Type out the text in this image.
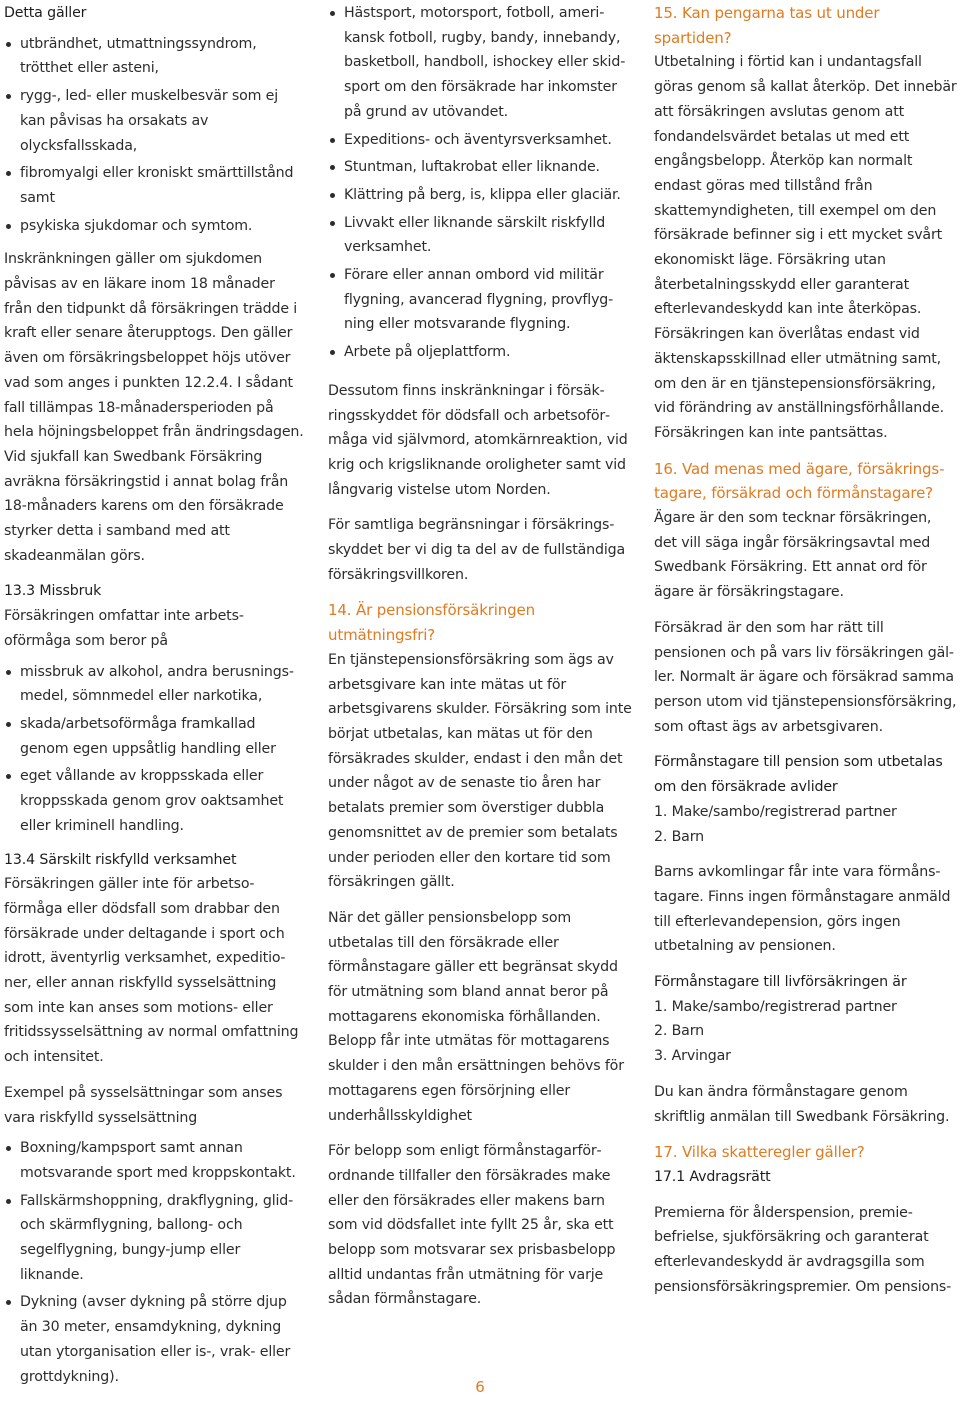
Detta gäller
utbrändhet, utmattningssyndrom, trötthet eller asteni,
rygg-, led- eller muskelbesvär som ej kan påvisas ha orsakats av olycksfallsskada,
fibromyalgi eller kroniskt smärttillstånd samt
psykiska sjukdomar och symtom.

Inskränkningen gäller om sjukdomen påvisas av en läkare inom 18 månader från den tidpunkt då försäkringen trädde i kraft eller senare återupptogs. Den gäller även om försäkringsbeloppet höjs utöver vad som anges i punkten 12.2.4. I sådant fall tillämpas 18-månadersperioden på hela höjningsbeloppet från ändringsdagen. Vid sjukfall kan Swedbank Försäkring avräkna försäkringstid i annat bolag från 18-månaders karens om den försäkrade styrker detta i samband med att skadeanmälan görs.

13.3 Missbruk

Försäkringen omfattar inte arbetsoförmåga som beror på

missbruk av alkohol, andra berusningsmedel, sömnmedel eller narkotika,
skada/arbetsoförmåga framkallad genom egen uppsåtlig handling eller
eget vållande av kroppsskada eller kroppsskada genom grov oaktsamhet eller kriminell handling.
13.4 Särskilt riskfylld verksamhet

Försäkringen gäller inte för arbetsoförmåga eller dödsfall som drabbar den försäkrade under deltagande i sport och idrott, äventyrlig verksamhet, expeditioner, eller annan riskfylld sysselsättning som inte kan anses som motions- eller fritidssysselsättning av normal omfattning och intensitet.

Exempel på sysselsättningar som anses vara riskfylld sysselsättning

Boxning/kampsport samt annan motsvarande sport med kroppskontakt.
Fallskärmshoppning, drakflygning, glid- och skärmflygning, ballong- och segelflygning, bungy-jump eller liknande.
Dykning (avser dykning på större djup än 30 meter, ensamdykning, dykning utan ytorganisation eller is-, vrak- eller grottdykning).
Hästsport, motorsport, fotboll, amerikansk fotboll, rugby, bandy, innebandy, basketboll, handboll, ishockey eller skidsport om den försäkrade har inkomster på grund av utövandet.
Expeditions- och äventyrsverksamhet.
Stuntman, luftakrobat eller liknande.
Klättring på berg, is, klippa eller glaciär.
Livvakt eller liknande särskilt riskfylld verksamhet.
Förare eller annan ombord vid militär flygning, avancerad flygning, provflygning eller motsvarande flygning.
Arbete på oljeplattform.

Dessutom finns inskränkningar i försäkringsskyddet för dödsfall och arbetsoförmåga vid självmord, atomkärnreaktion, vid krig och krigsliknande oroligheter samt vid långvarig vistelse utom Norden.

För samtliga begränsningar i försäkringsskyddet ber vi dig ta del av de fullständiga försäkringsvillkoren.

14. Är pensionsförsäkringen utmätningsfri?

En tjänstepensionsförsäkring som ägs av arbetsgivare kan inte mätas ut för arbetsgivarens skulder. Försäkring som inte börjat utbetalas, kan mätas ut för den försäkrades skulder, endast i den mån det under något av de senaste tio åren har betalats premier som överstiger dubbla genomsnittet av de premier som betalats under perioden eller den kortare tid som försäkringen gällt.

När det gäller pensionsbelopp som utbetalas till den försäkrade eller förmånstagare gäller ett begränsat skydd för utmätning som bland annat beror på mottagarens ekonomiska förhållanden. Belopp får inte utmätas för mottagarens skulder i den mån ersättningen behövs för mottagarens egen försörjning eller underhållsskyldighet

För belopp som enligt förmånstagarförordnande tillfaller den försäkrades make eller den försäkrades eller makens barn som vid dödsfallet inte fyllt 25 år, ska ett belopp som motsvarar sex prisbasbelopp alltid undantas från utmätning för varje sådan förmånstagare.

15. Kan pengarna tas ut under spartiden?

Utbetalning i förtid kan i undantagsfall göras genom så kallat återköp. Det innebär att försäkringen avslutas genom att fondandelsvärdet betalas ut med ett engångsbelopp. Återköp kan normalt endast göras med tillstånd från skattemyndigheten, till exempel om den försäkrade befinner sig i ett mycket svårt ekonomiskt läge. Försäkring utan återbetalningsskydd eller garanterat efterlevandeskydd kan inte återköpas. Försäkringen kan överlåtas endast vid äktenskapsskillnad eller utmätning samt, om den är en tjänstepensionsförsäkring, vid förändring av anställningsförhållande. Försäkringen kan inte pantsättas.

16. Vad menas med ägare, försäkringstagare, försäkrad och förmånstagare?

Ägare är den som tecknar försäkringen, det vill säga ingår försäkringsavtal med Swedbank Försäkring. Ett annat ord för ägare är försäkringstagare.

Försäkrad är den som har rätt till pensionen och på vars liv försäkringen gäller. Normalt är ägare och försäkrad samma person utom vid tjänstepensionsförsäkring, som oftast ägs av arbetsgivaren.

Förmånstagare till pension som utbetalas om den försäkrade avlider

1. Make/sambo/registrerad partner

2. Barn

Barns avkomlingar får inte vara förmånstagare. Finns ingen förmånstagare anmäld till efterlevandepension, görs ingen utbetalning av pensionen.

Förmånstagare till livförsäkringen är

1. Make/sambo/registrerad partner

2. Barn

3. Arvingar

Du kan ändra förmånstagare genom skriftlig anmälan till Swedbank Försäkring.

17. Vilka skatteregler gäller?
17.1 Avdragsrätt

Premierna för ålderspension, premiebefrielse, sjukförsäkring och garanterat efterlevandeskydd är avdragsgilla som pensionsförsäkringspremier. Om pensions-

6
